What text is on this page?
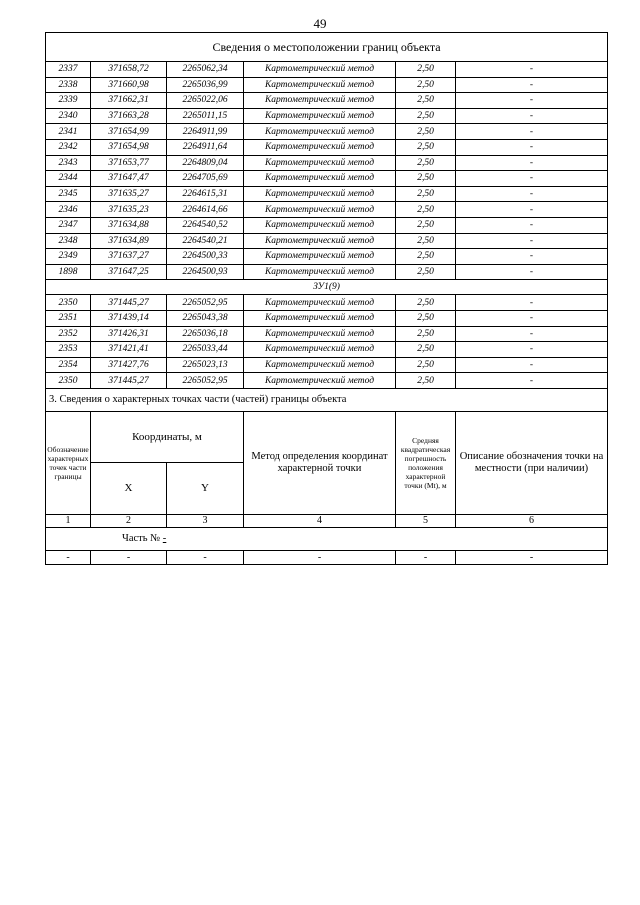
49
Сведения о местоположении границ объекта					
2337	371658,72	2265062,34	Картометрический метод	2,50	-
2338	371660,98	2265036,99	Картометрический метод	2,50	-
2339	371662,31	2265022,06	Картометрический метод	2,50	-
2340	371663,28	2265011,15	Картометрический метод	2,50	-
2341	371654,99	2264911,99	Картометрический метод	2,50	-
2342	371654,98	2264911,64	Картометрический метод	2,50	-
2343	371653,77	2264809,04	Картометрический метод	2,50	-
2344	371647,47	2264705,69	Картометрический метод	2,50	-
2345	371635,27	2264615,31	Картометрический метод	2,50	-
2346	371635,23	2264614,66	Картометрический метод	2,50	-
2347	371634,88	2264540,52	Картометрический метод	2,50	-
2348	371634,89	2264540,21	Картометрический метод	2,50	-
2349	371637,27	2264500,33	Картометрический метод	2,50	-
1898	371647,25	2264500,93	Картометрический метод	2,50	-
ЗУ1(9)					
2350	371445,27	2265052,95	Картометрический метод	2,50	-
2351	371439,14	2265043,38	Картометрический метод	2,50	-
2352	371426,31	2265036,18	Картометрический метод	2,50	-
2353	371421,41	2265033,44	Картометрический метод	2,50	-
2354	371427,76	2265023,13	Картометрический метод	2,50	-
2350	371445,27	2265052,95	Картометрический метод	2,50	-
3. Сведения о характерных точках части (частей) границы объекта					
Обозначение характерных точек части границы	Координаты, м		Метод определения координат характерной точки	Средняя квадратическая погрешность положения характерной точки (Mt), м	Описание обозначения точки на местности (при наличии)
	X	Y			
1	2	3	4	5	6
Часть № -					
-	-	-	-	-	-
